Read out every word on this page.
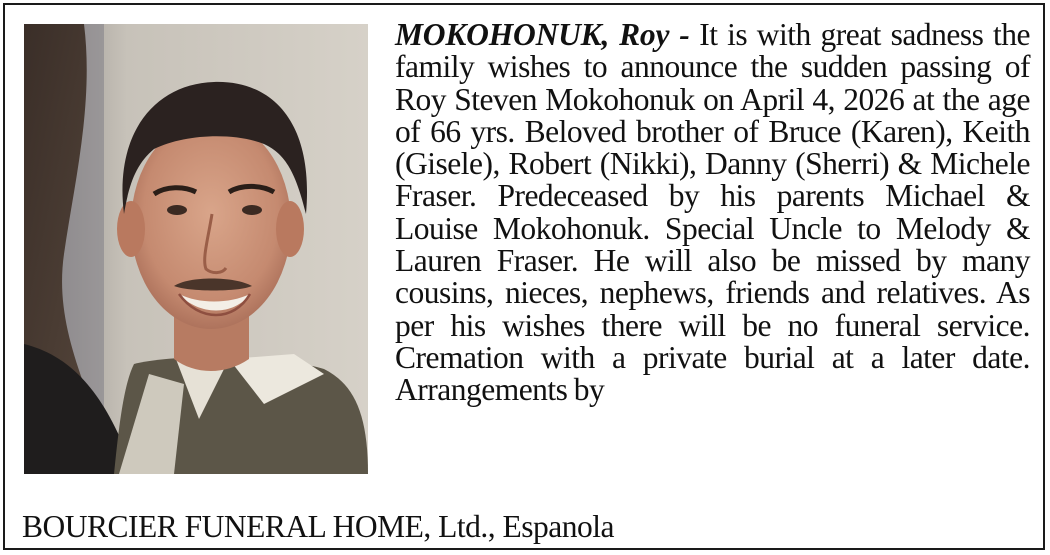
MOKOHONUK, Roy - It is with great sadness the family wishes to announce the sudden passing of Roy Steven Mokohonuk on April 4, 2026 at the age of 66 yrs. Beloved brother of Bruce (Karen), Keith (Gisele), Robert (Nikki), Danny (Sherri) & Michele Fraser. Predeceased by his parents Michael & Louise Mokohonuk. Special Uncle to Melody & Lauren Fraser. He will also be missed by many cousins, nieces, nephews, friends and relatives. As per his wishes there will be no funeral service. Cremation with a private burial at a later date. Arrangements by
BOURCIER FUNERAL HOME, Ltd., Espanola
